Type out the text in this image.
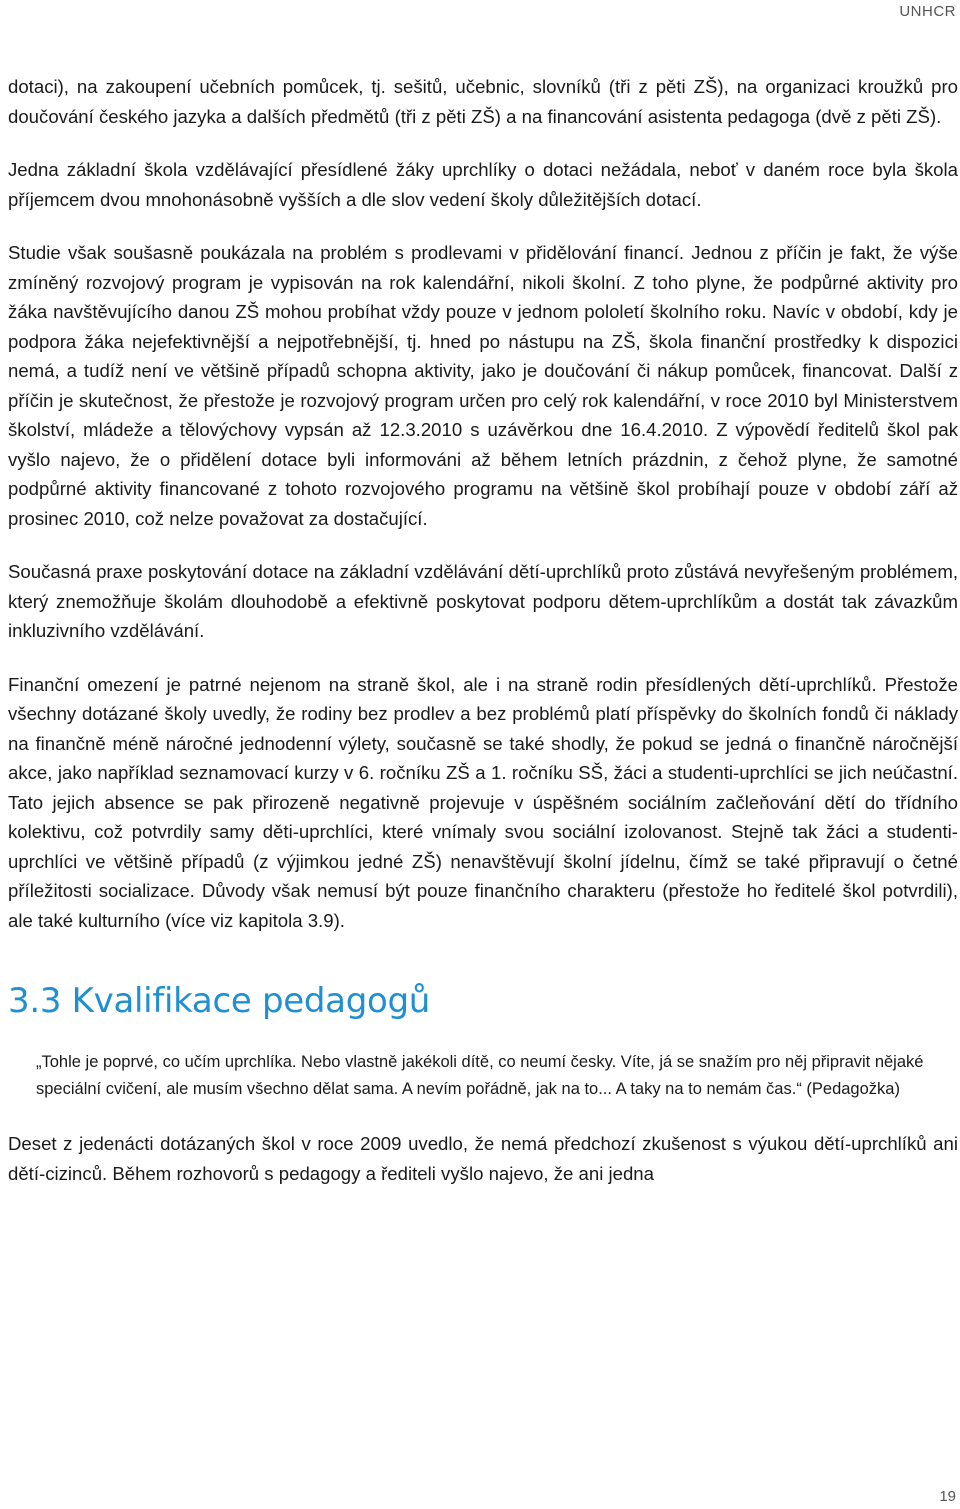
UNHCR

dotaci), na zakoupení učebních pomůcek, tj. sešitů, učebnic, slovníků (tři z pěti ZŠ), na organizaci kroužků pro doučování českého jazyka a dalších předmětů (tři z pěti ZŠ) a na financování asistenta pedagoga (dvě z pěti ZŠ).

Jedna základní škola vzdělávající přesídlené žáky uprchlíky o dotaci nežádala, neboť v daném roce byla škola příjemcem dvou mnohonásobně vyšších a dle slov vedení školy důležitějších dotací.

Studie však soušasně poukázala na problém s prodlevami v přidělování financí. Jednou z příčin je fakt, že výše zmíněný rozvojový program je vypisován na rok kalendářní, nikoli školní. Z toho plyne, že podpůrné aktivity pro žáka navštěvujícího danou ZŠ mohou probíhat vždy pouze v jednom pololetí školního roku. Navíc v období, kdy je podpora žáka nejefektivnější a nejpotřebnější, tj. hned po nástupu na ZŠ, škola finanční prostředky k dispozici nemá, a tudíž není ve většině případů schopna aktivity, jako je doučování či nákup pomůcek, financovat. Další z příčin je skutečnost, že přestože je rozvojový program určen pro celý rok kalendářní, v roce 2010 byl Ministerstvem školství, mládeže a tělovýchovy vypsán až 12.3.2010 s uzávěrkou dne 16.4.2010. Z výpovědí ředitelů škol pak vyšlo najevo, že o přidělení dotace byli informováni až během letních prázdnin, z čehož plyne, že samotné podpůrné aktivity financované z tohoto rozvojového programu na většině škol probíhají pouze v období září až prosinec 2010, což nelze považovat za dostačující.

Současná praxe poskytování dotace na základní vzdělávání dětí-uprchlíků proto zůstává nevyřešeným problémem, který znemožňuje školám dlouhodobě a efektivně poskytovat podporu dětem-uprchlíkům a dostát tak závazkům inkluzivního vzdělávání.

Finanční omezení je patrné nejenom na straně škol, ale i na straně rodin přesídlených dětí-uprchlíků. Přestože všechny dotázané školy uvedly, že rodiny bez prodlev a bez problémů platí příspěvky do školních fondů či náklady na finančně méně náročné jednodenní výlety, současně se také shodly, že pokud se jedná o finančně náročnější akce, jako například seznamovací kurzy v 6. ročníku ZŠ a 1. ročníku SŠ, žáci a studenti-uprchlíci se jich neúčastní. Tato jejich absence se pak přirozeně negativně projevuje v úspěšném sociálním začleňování dětí do třídního kolektivu, což potvrdily samy děti-uprchlíci, které vnímaly svou sociální izolovanost. Stejně tak žáci a studenti-uprchlíci ve většině případů (z výjimkou jedné ZŠ) nenavštěvují školní jídelnu, čímž se také připravují o četné příležitosti socializace. Důvody však nemusí být pouze finančního charakteru (přestože ho ředitelé škol potvrdili), ale také kulturního (více viz kapitola 3.9).

3.3 Kvalifikace pedagogů
„Tohle je poprvé, co učím uprchlíka. Nebo vlastně jakékoli dítě, co neumí česky. Víte, já se snažím pro něj připravit nějaké speciální cvičení, ale musím všechno dělat sama. A nevím pořádně, jak na to... A taky na to nemám čas.“ (Pedagožka)

Deset z jedenácti dotázaných škol v roce 2009 uvedlo, že nemá předchozí zkušenost s výukou dětí-uprchlíků ani dětí-cizinců. Během rozhovorů s pedagogy a řediteli vyšlo najevo, že ani jedna

19
